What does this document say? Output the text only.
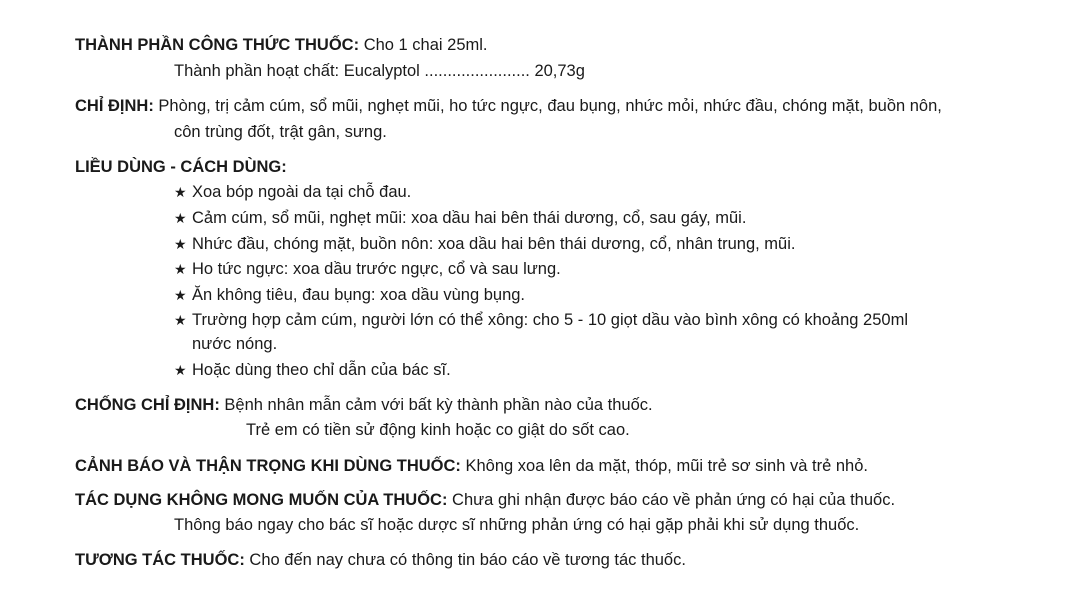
THÀNH PHẦN CÔNG THỨC THUỐC: Cho 1 chai 25ml.
Thành phần hoạt chất: Eucalyptol ....................... 20,73g
CHỈ ĐỊNH: Phòng, trị cảm cúm, sổ mũi, nghẹt mũi, ho tức ngực, đau bụng, nhức mỏi, nhức đầu, chóng mặt, buồn nôn,
côn trùng đốt, trật gân, sưng.
LIỀU DÙNG - CÁCH DÙNG:
★ Xoa bóp ngoài da tại chỗ đau.
★ Cảm cúm, sổ mũi, nghẹt mũi: xoa dầu hai bên thái dương, cổ, sau gáy, mũi.
★ Nhức đầu, chóng mặt, buồn nôn: xoa dầu hai bên thái dương, cổ, nhân trung, mũi.
★ Ho tức ngực: xoa dầu trước ngực, cổ và sau lưng.
★ Ăn không tiêu, đau bụng: xoa dầu vùng bụng.
★ Trường hợp cảm cúm, người lớn có thể xông: cho 5 - 10 giọt dầu vào bình xông có khoảng 250ml
nước nóng.
★ Hoặc dùng theo chỉ dẫn của bác sĩ.
CHỐNG CHỈ ĐỊNH: Bệnh nhân mẫn cảm với bất kỳ thành phần nào của thuốc.
Trẻ em có tiền sử động kinh hoặc co giật do sốt cao.
CẢNH BÁO VÀ THẬN TRỌNG KHI DÙNG THUỐC: Không xoa lên da mặt, thóp, mũi trẻ sơ sinh và trẻ nhỏ.
TÁC DỤNG KHÔNG MONG MUỐN CỦA THUỐC: Chưa ghi nhận được báo cáo về phản ứng có hại của thuốc.
Thông báo ngay cho bác sĩ hoặc dược sĩ những phản ứng có hại gặp phải khi sử dụng thuốc.
TƯƠNG TÁC THUỐC: Cho đến nay chưa có thông tin báo cáo về tương tác thuốc.
